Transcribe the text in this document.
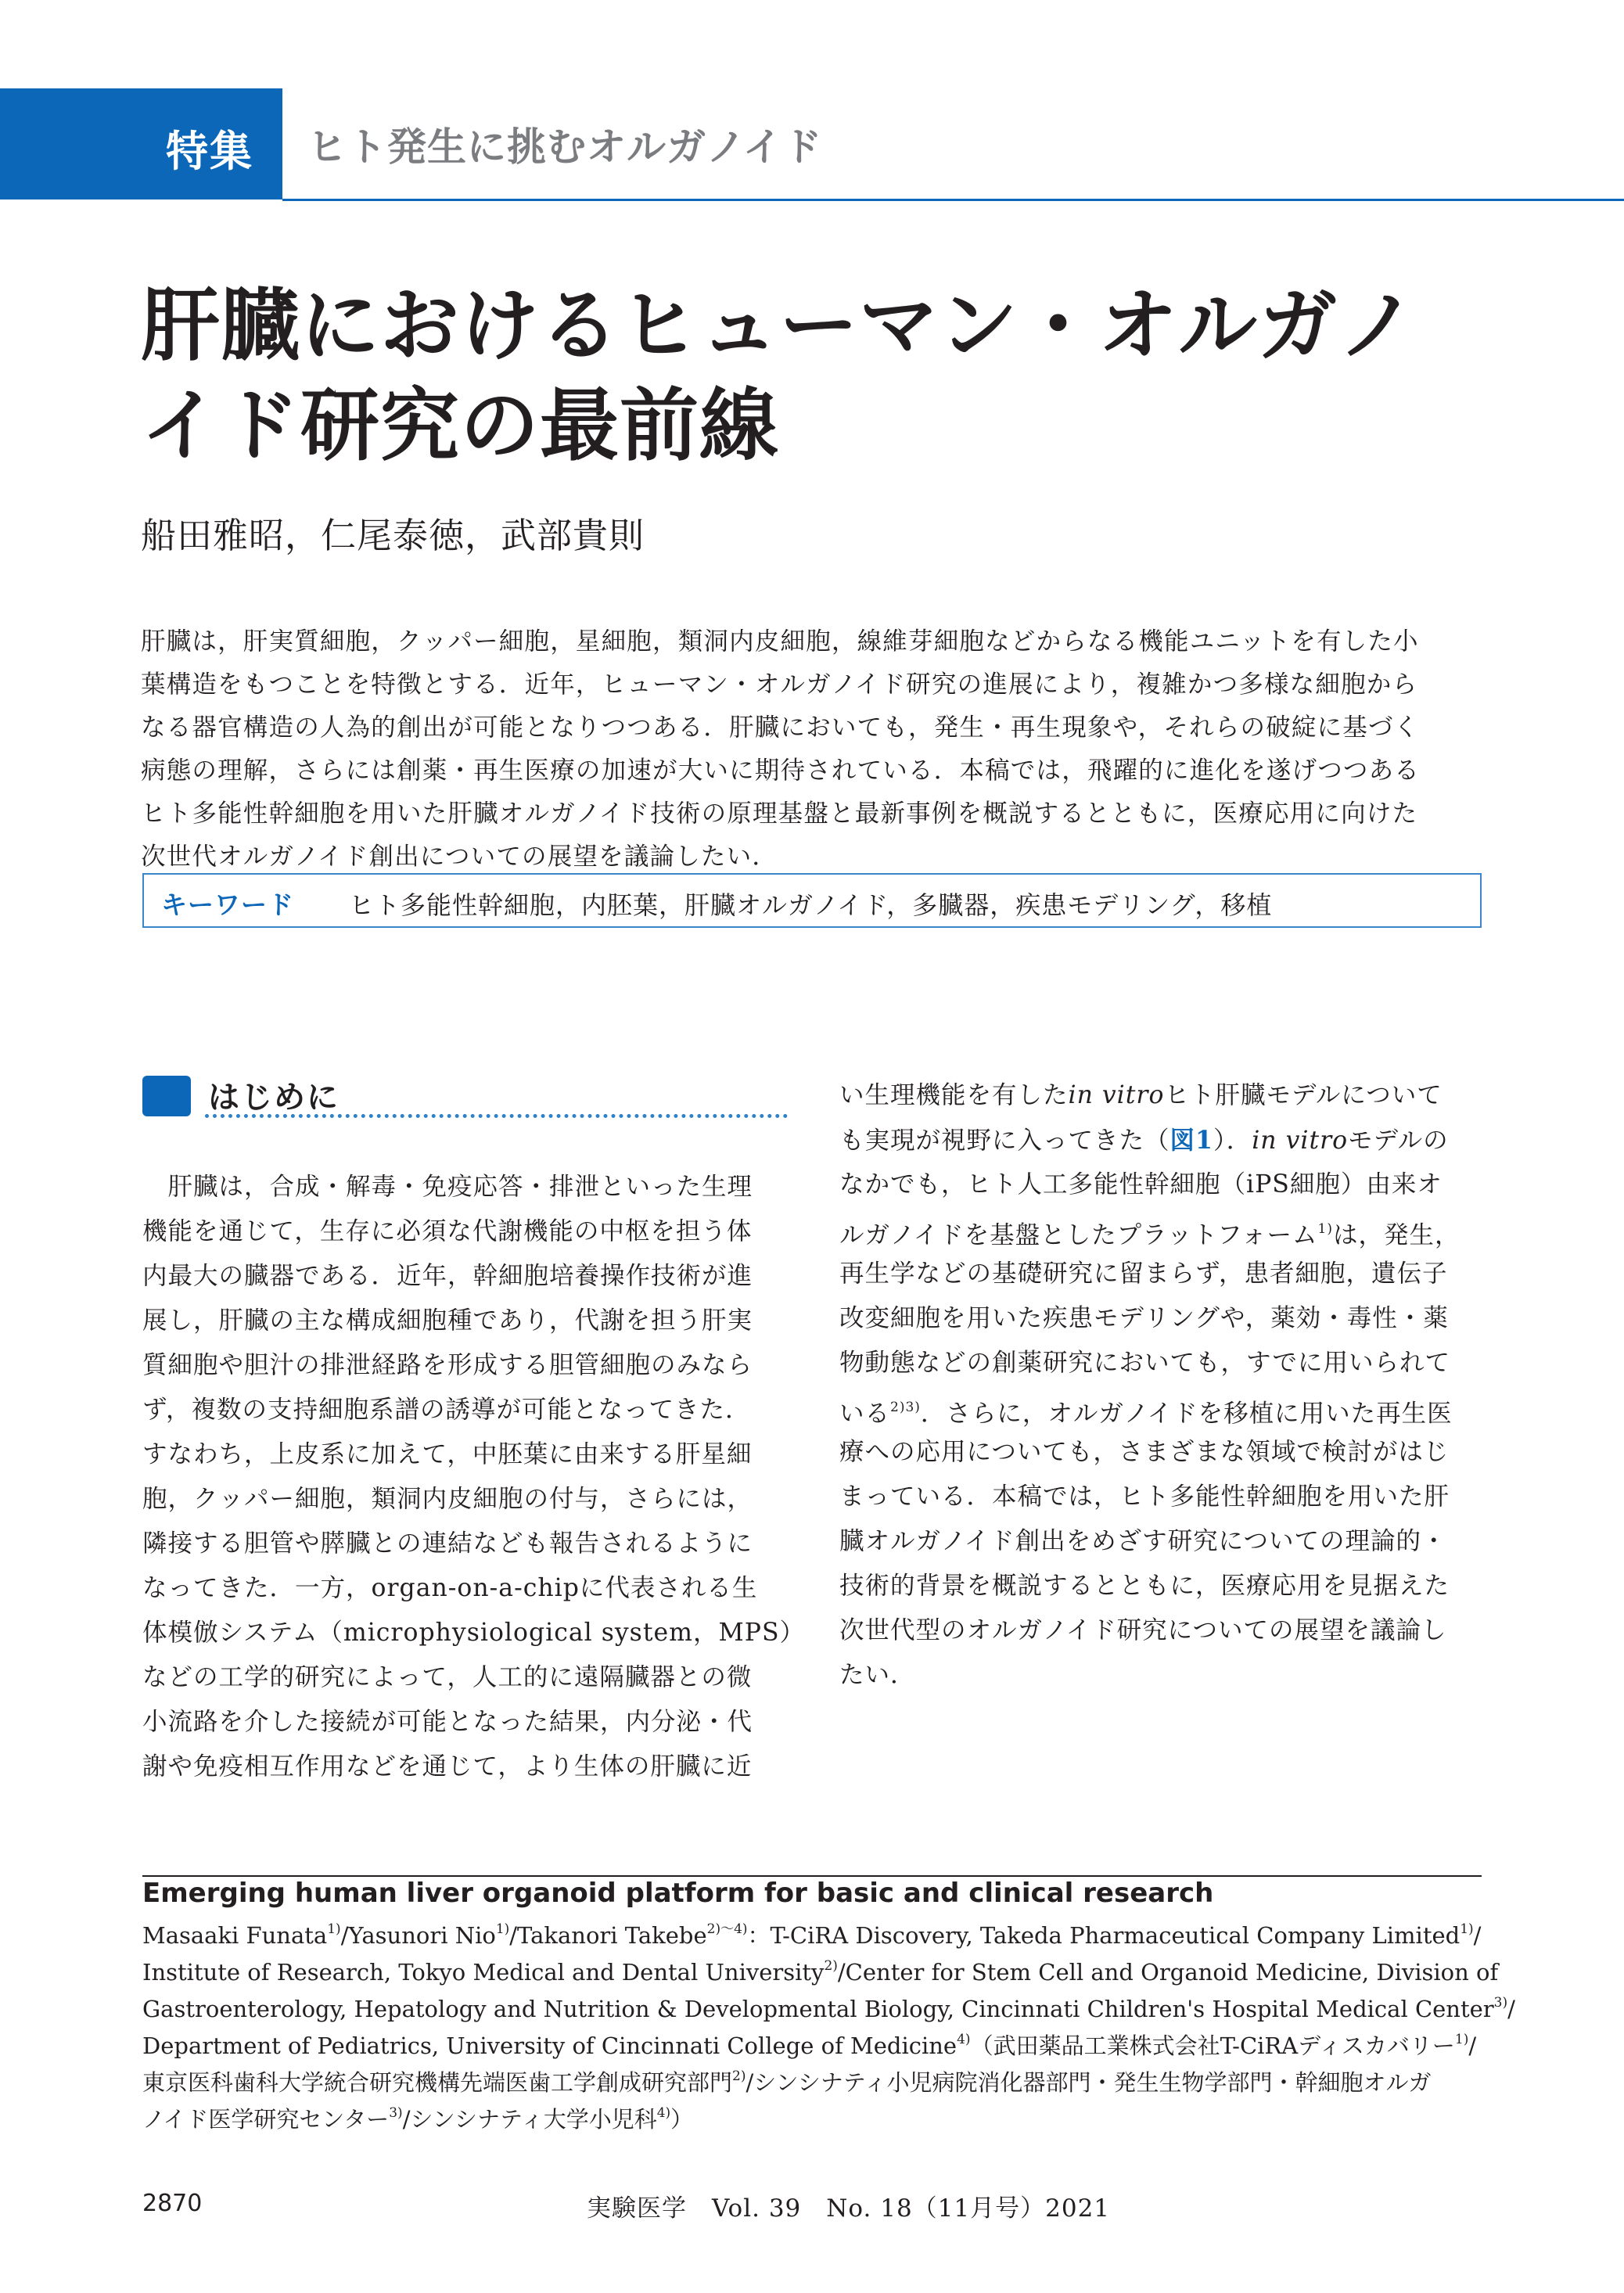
特集 ヒト発生に挑むオルガノイド
肝臓におけるヒューマン・オルガノ
イド研究の最前線
船田雅昭，仁尾泰徳，武部貴則
肝臓は，肝実質細胞，クッパー細胞，星細胞，類洞内皮細胞，線維芽細胞などからなる機能ユニットを有した小
葉構造をもつことを特徴とする．近年，ヒューマン・オルガノイド研究の進展により，複雑かつ多様な細胞から
なる器官構造の人為的創出が可能となりつつある．肝臓においても，発生・再生現象や，それらの破綻に基づく
病態の理解，さらには創薬・再生医療の加速が大いに期待されている．本稿では，飛躍的に進化を遂げつつある
ヒト多能性幹細胞を用いた肝臓オルガノイド技術の原理基盤と最新事例を概説するとともに，医療応用に向けた
次世代オルガノイド創出についての展望を議論したい．
キーワード ヒト多能性幹細胞，内胚葉，肝臓オルガノイド，多臓器，疾患モデリング，移植
はじめに
　肝臓は，合成・解毒・免疫応答・排泄といった生理
機能を通じて，生存に必須な代謝機能の中枢を担う体
内最大の臓器である．近年，幹細胞培養操作技術が進
展し，肝臓の主な構成細胞種であり，代謝を担う肝実
質細胞や胆汁の排泄経路を形成する胆管細胞のみなら
ず，複数の支持細胞系譜の誘導が可能となってきた．
すなわち，上皮系に加えて，中胚葉に由来する肝星細
胞，クッパー細胞，類洞内皮細胞の付与，さらには，
隣接する胆管や膵臓との連結なども報告されるように
なってきた．一方，organ-on-a-chipに代表される生
体模倣システム（microphysiological system，MPS）
などの工学的研究によって，人工的に遠隔臓器との微
小流路を介した接続が可能となった結果，内分泌・代
謝や免疫相互作用などを通じて，より生体の肝臓に近
い生理機能を有したin vitroヒト肝臓モデルについて
も実現が視野に入ってきた（図1）．in vitroモデルの
なかでも，ヒト人工多能性幹細胞（iPS細胞）由来オ
ルガノイドを基盤としたプラットフォーム$^{1)}$は，発生，
再生学などの基礎研究に留まらず，患者細胞，遺伝子
改変細胞を用いた疾患モデリングや，薬効・毒性・薬
物動態などの創薬研究においても，すでに用いられて
いる$^{2)3)}$．さらに，オルガノイドを移植に用いた再生医
療への応用についても，さまざまな領域で検討がはじ
まっている．本稿では，ヒト多能性幹細胞を用いた肝
臓オルガノイド創出をめざす研究についての理論的・
技術的背景を概説するとともに，医療応用を見据えた
次世代型のオルガノイド研究についての展望を議論し
たい．
Emerging human liver organoid platform for basic and clinical research
Masaaki Funata$^{1)}$/Yasunori Nio$^{1)}$/Takanori Takebe$^{2)\sim 4)}$：T-CiRA Discovery, Takeda Pharmaceutical Company Limited$^{1)}$/
Institute of Research, Tokyo Medical and Dental University$^{2)}$/Center for Stem Cell and Organoid Medicine, Division of
Gastroenterology, Hepatology and Nutrition & Developmental Biology, Cincinnati Children's Hospital Medical Center$^{3)}$/
Department of Pediatrics, University of Cincinnati College of Medicine$^{4)}$（武田薬品工業株式会社T-CiRAディスカバリー$^{1)}$/
東京医科歯科大学統合研究機構先端医歯工学創成研究部門$^{2)}$/シンシナティ小児病院消化器部門・発生生物学部門・幹細胞オルガ
ノイド医学研究センター$^{3)}$/シンシナティ大学小児科$^{4)}$）
2870	実験医学　Vol. 39　No. 18（11月号）2021
